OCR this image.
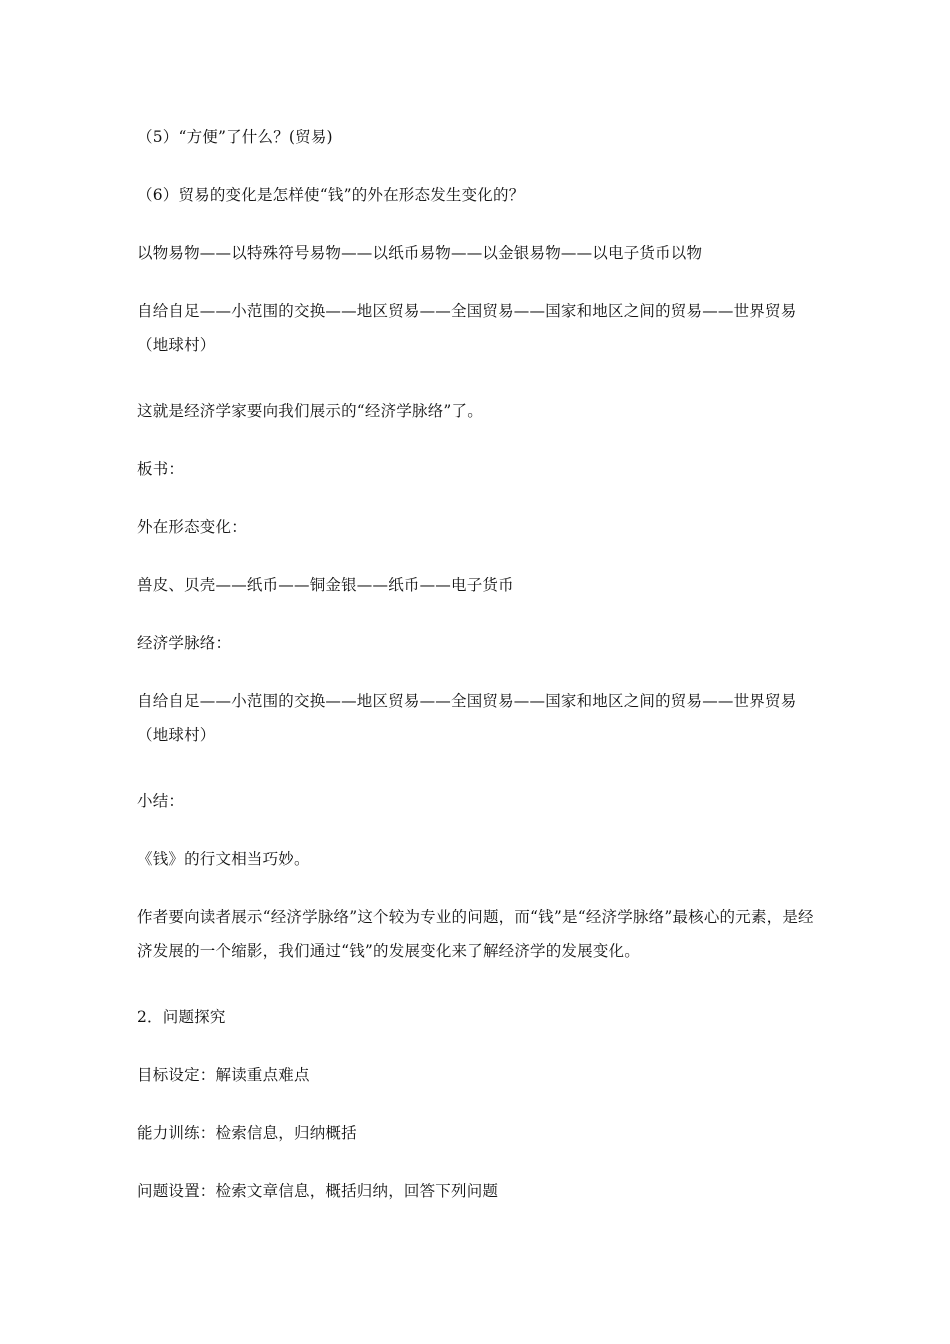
（5）“方便”了什么？(贸易)

（6）贸易的变化是怎样使“钱”的外在形态发生变化的？

以物易物——以特殊符号易物——以纸币易物——以金银易物——以电子货币以物

自给自足——小范围的交换——地区贸易——全国贸易——国家和地区之间的贸易——世界贸易（地球村）

这就是经济学家要向我们展示的“经济学脉络”了。

板书：

外在形态变化：

兽皮、贝壳——纸币——铜金银——纸币——电子货币

经济学脉络：

自给自足——小范围的交换——地区贸易——全国贸易——国家和地区之间的贸易——世界贸易（地球村）

小结：

《钱》的行文相当巧妙。

作者要向读者展示“经济学脉络”这个较为专业的问题，而“钱”是“经济学脉络”最核心的元素，是经济发展的一个缩影，我们通过“钱”的发展变化来了解经济学的发展变化。

2．问题探究

目标设定：解读重点难点

能力训练：检索信息，归纳概括

问题设置：检索文章信息，概括归纳，回答下列问题
